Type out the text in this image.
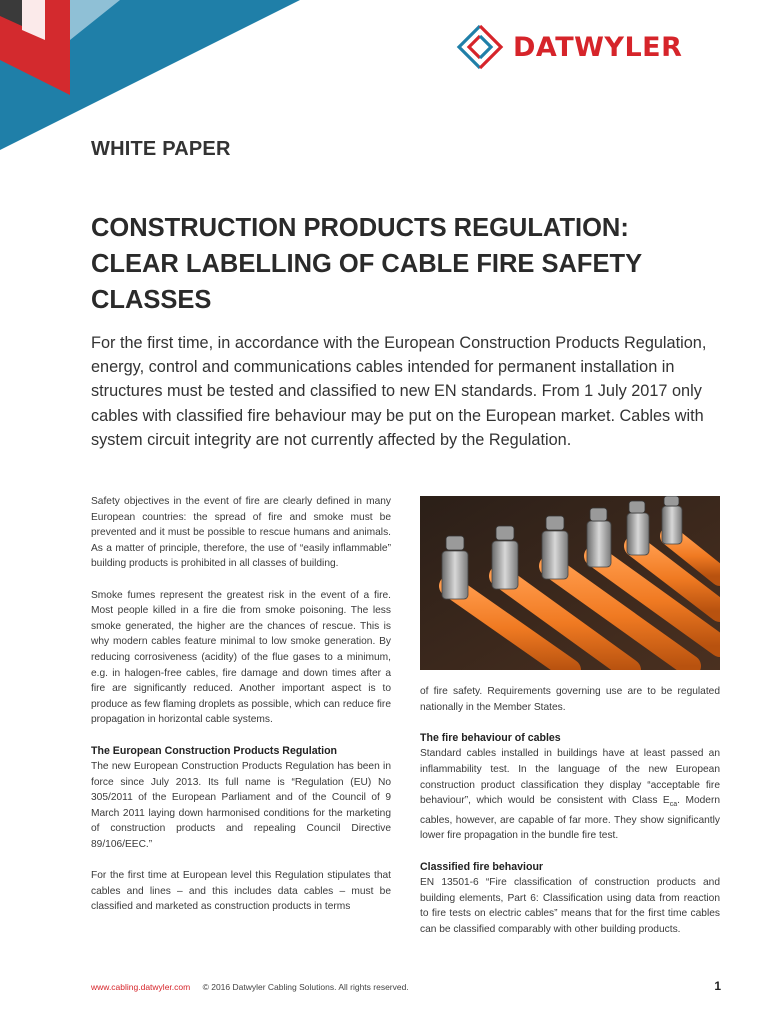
DATWYLER
WHITE PAPER
CONSTRUCTION PRODUCTS REGULATION:
CLEAR LABELLING OF CABLE FIRE SAFETY
CLASSES
For the first time, in accordance with the European Construction Products Regulation, energy, control and communications cables intended for permanent installation in structures must be tested and classified to new EN standards. From 1 July 2017 only cables with classified fire behaviour may be put on the European market. Cables with system circuit integrity are not currently affected by the Regulation.

Safety objectives in the event of fire are clearly defined in many European countries: the spread of fire and smoke must be prevented and it must be possible to rescue humans and animals. As a matter of principle, therefore, the use of “easily inflammable” building products is prohibited in all classes of building.

Smoke fumes represent the greatest risk in the event of a fire. Most people killed in a fire die from smoke poisoning. The less smoke generated, the higher are the chances of rescue. This is why modern cables feature minimal to low smoke generation. By reducing corrosiveness (acidity) of the flue gases to a minimum, e.g. in halogen-free cables, fire damage and down times after a fire are significantly reduced. Another important aspect is to produce as few flaming droplets as possible, which can reduce fire propagation in horizontal cable systems.

The European Construction Products Regulation

The new European Construction Products Regulation has been in force since July 2013. Its full name is “Regulation (EU) No 305/2011 of the European Parliament and of the Council of 9 March 2011 laying down harmonised conditions for the marketing of construction products and repealing Council Directive 89/106/EEC.”

For the first time at European level this Regulation stipulates that cables and lines – and this includes data cables – must be classified and marketed as construction products in terms

of fire safety. Requirements governing use are to be regulated nationally in the Member States.

The fire behaviour of cables

Standard cables installed in buildings have at least passed an inflammability test. In the language of the new European construction product classification they display “acceptable fire behaviour”, which would be consistent with Class $E_{ca}$. Modern cables, however, are capable of far more. They show significantly lower fire propagation in the bundle fire test.

Classified fire behaviour

EN 13501-6 “Fire classification of construction products and building elements, Part 6: Classification using data from reaction to fire tests on electric cables” means that for the first time cables can be classified comparably with other building products.

www.cabling.datwyler.com © 2016 Datwyler Cabling Solutions. All rights reserved.	1
